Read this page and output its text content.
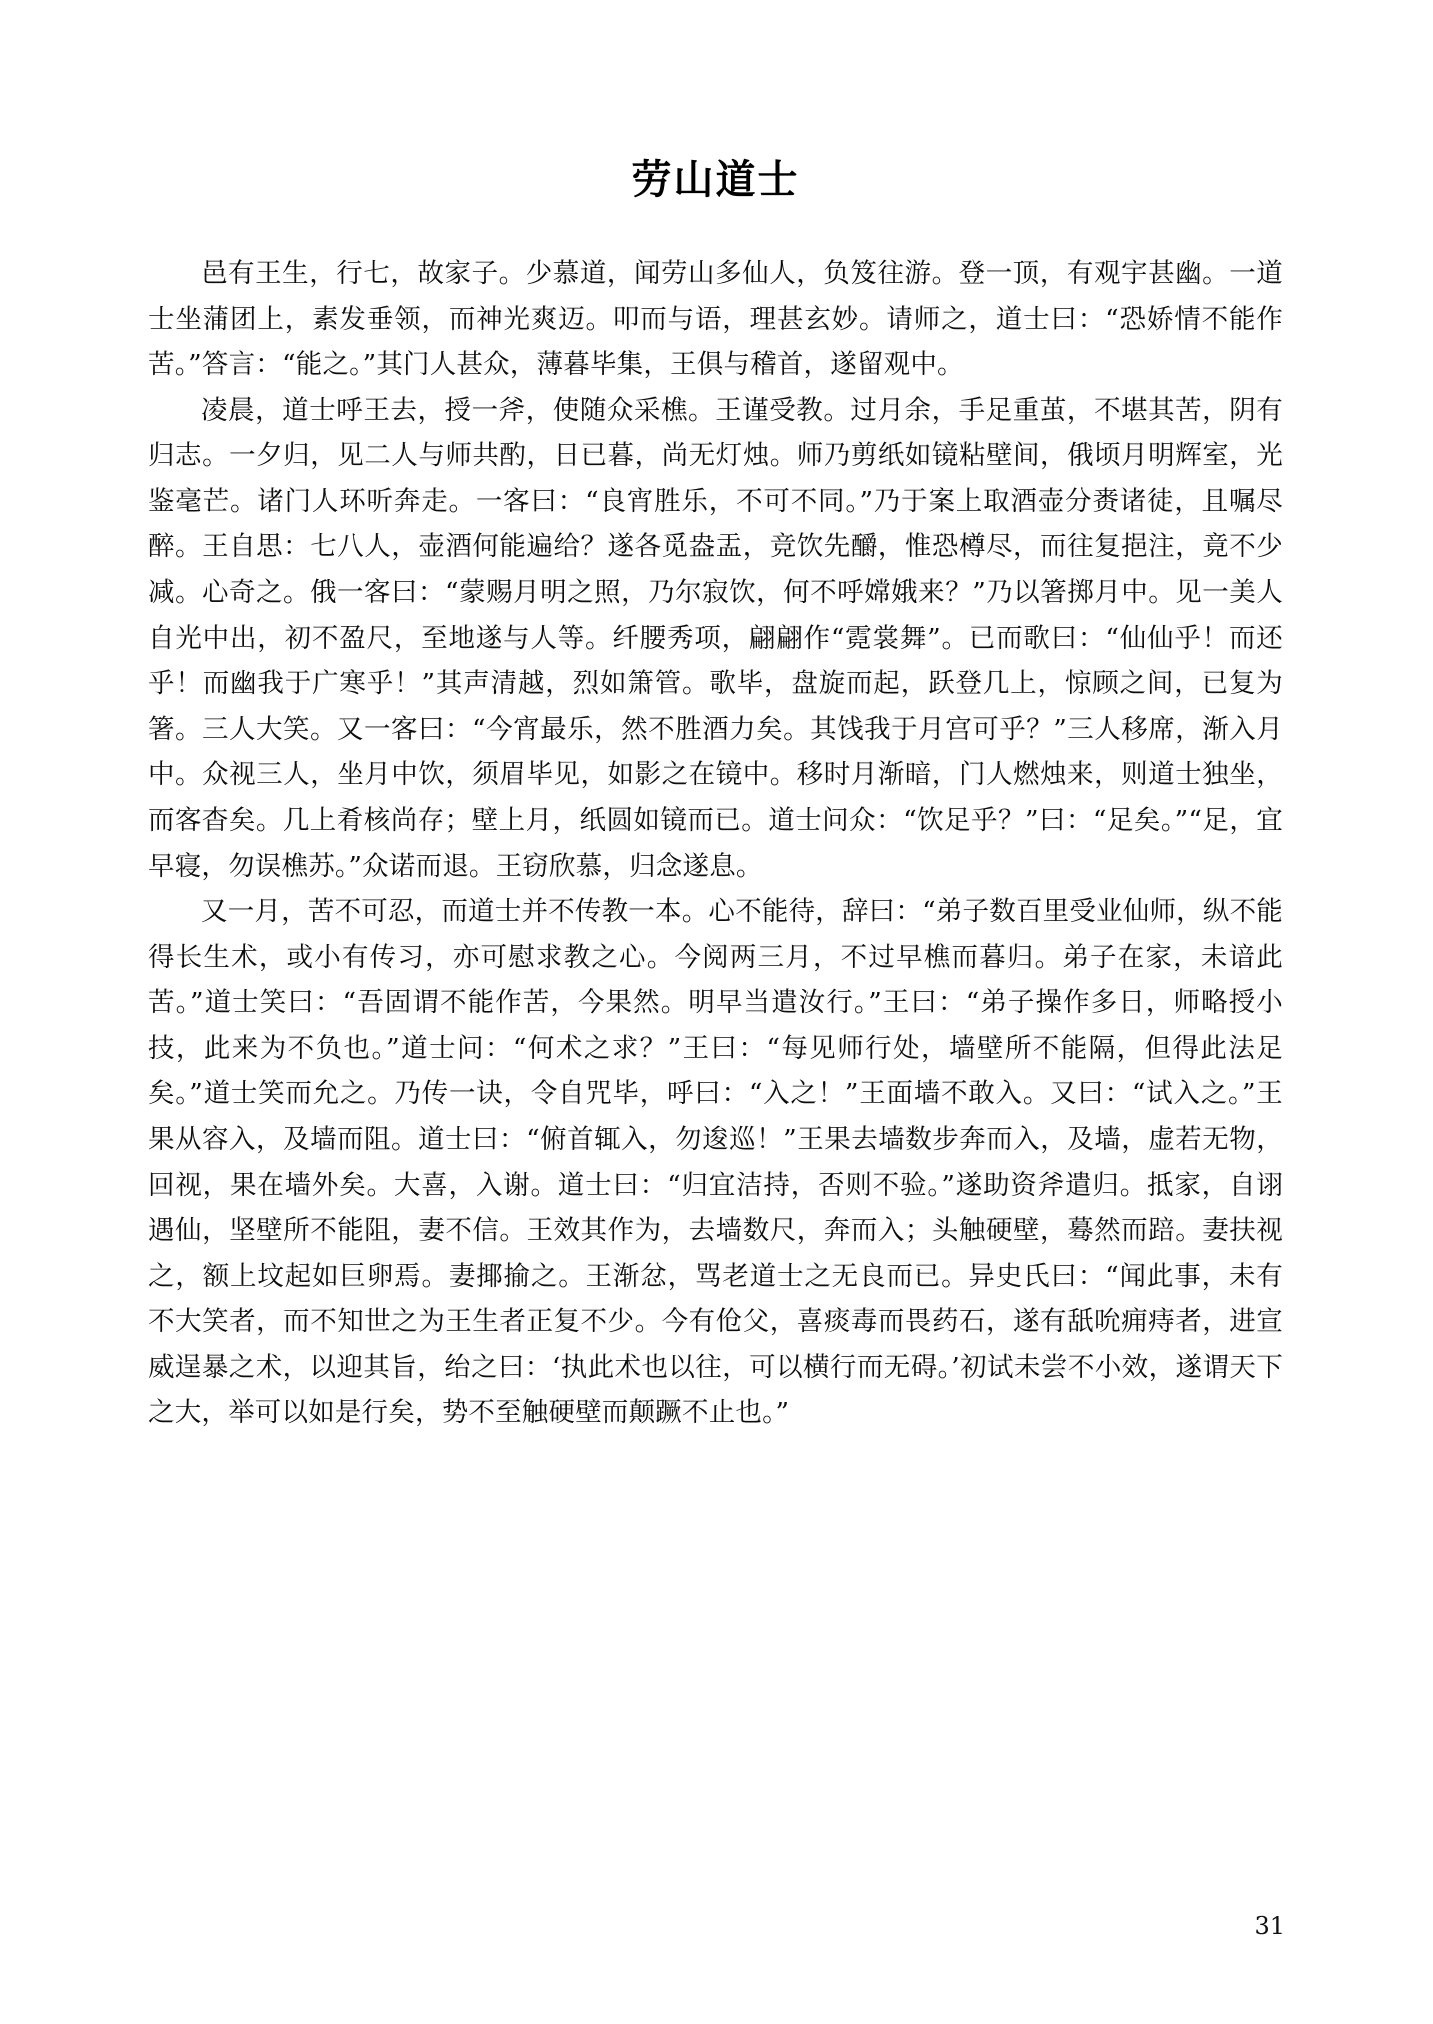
劳山道士

邑有王生，行七，故家子。少慕道，闻劳山多仙人，负笈往游。登一顶，有观宇甚幽。一道士坐蒲团上，素发垂领，而神光爽迈。叩而与语，理甚玄妙。请师之，道士曰：“恐娇情不能作苦。”答言：“能之。”其门人甚众，薄暮毕集，王俱与稽首，遂留观中。

凌晨，道士呼王去，授一斧，使随众采樵。王谨受教。过月余，手足重茧，不堪其苦，阴有归志。一夕归，见二人与师共酌，日已暮，尚无灯烛。师乃剪纸如镜粘壁间，俄顷月明辉室，光鉴毫芒。诸门人环听奔走。一客曰：“良宵胜乐，不可不同。”乃于案上取酒壶分赉诸徒，且嘱尽醉。王自思：七八人，壶酒何能遍给？遂各觅盎盂，竞饮先釂，惟恐樽尽，而往复挹注，竟不少减。心奇之。俄一客曰：“蒙赐月明之照，乃尔寂饮，何不呼嫦娥来？”乃以箸掷月中。见一美人自光中出，初不盈尺，至地遂与人等。纤腰秀项，翩翩作“霓裳舞”。已而歌曰：“仙仙乎！而还乎！而幽我于广寒乎！”其声清越，烈如箫管。歌毕，盘旋而起，跃登几上，惊顾之间，已复为箸。三人大笑。又一客曰：“今宵最乐，然不胜酒力矣。其饯我于月宫可乎？”三人移席，渐入月中。众视三人，坐月中饮，须眉毕见，如影之在镜中。移时月渐暗，门人燃烛来，则道士独坐，而客杳矣。几上肴核尚存；壁上月，纸圆如镜而已。道士问众：“饮足乎？”曰：“足矣。”“足，宜早寝，勿误樵苏。”众诺而退。王窃欣慕，归念遂息。

又一月，苦不可忍，而道士并不传教一本。心不能待，辞曰：“弟子数百里受业仙师，纵不能得长生术，或小有传习，亦可慰求教之心。今阅两三月，不过早樵而暮归。弟子在家，未谙此苦。”道士笑曰：“吾固谓不能作苦，今果然。明早当遣汝行。”王曰：“弟子操作多日，师略授小技，此来为不负也。”道士问：“何术之求？”王曰：“每见师行处，墙壁所不能隔，但得此法足矣。”道士笑而允之。乃传一诀，令自咒毕，呼曰：“入之！”王面墙不敢入。又曰：“试入之。”王果从容入，及墙而阻。道士曰：“俯首辄入，勿逡巡！”王果去墙数步奔而入，及墙，虚若无物，回视，果在墙外矣。大喜，入谢。道士曰：“归宜洁持，否则不验。”遂助资斧遣归。抵家，自诩遇仙，坚壁所不能阻，妻不信。王效其作为，去墙数尺，奔而入；头触硬壁，蓦然而踣。妻扶视之，额上坟起如巨卵焉。妻揶揄之。王渐忿，骂老道士之无良而已。异史氏曰：“闻此事，未有不大笑者，而不知世之为王生者正复不少。今有伧父，喜痰毒而畏药石，遂有舐吮痈痔者，进宣威逞暴之术，以迎其旨，绐之曰：‘执此术也以往，可以横行而无碍。’初试未尝不小效，遂谓天下之大，举可以如是行矣，势不至触硬壁而颠蹶不止也。”

31
